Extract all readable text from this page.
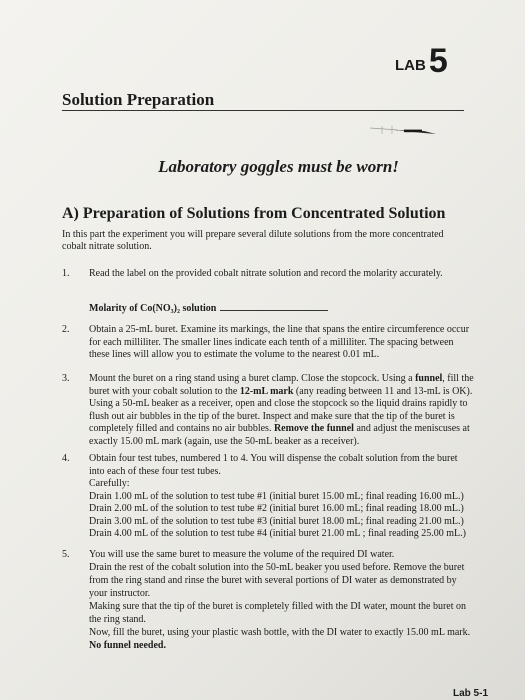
LAB 5
Solution Preparation
Laboratory goggles must be worn!
A) Preparation of Solutions from Concentrated Solution
In this part the experiment you will prepare several dilute solutions from the more concentrated cobalt nitrate solution.
1.	Read the label on the provided cobalt nitrate solution and record the molarity accurately.

Molarity of Co(NO₃)₂ solution
2.	Obtain a 25-mL buret. Examine its markings, the line that spans the entire circumference occur for each milliliter. The smaller lines indicate each tenth of a milliliter. The spacing between these lines will allow you to estimate the volume to the nearest 0.01 mL.

3.	Mount the buret on a ring stand using a buret clamp. Close the stopcock. Using a funnel, fill the buret with your cobalt solution to the 12-mL mark (any reading between 11 and 13-mL is OK). Using a 50-mL beaker as a receiver, open and close the stopcock so the liquid drains rapidly to flush out air bubbles in the tip of the buret. Inspect and make sure that the tip of the buret is completely filled and contains no air bubbles. Remove the funnel and adjust the meniscuses at exactly 15.00 mL mark (again, use the 50-mL beaker as a receiver).

4.	Obtain four test tubes, numbered 1 to 4. You will dispense the cobalt solution from the buret into each of these four test tubes.

Carefully:

Drain 1.00 mL of the solution to test tube #1 (initial buret 15.00 mL; final reading 16.00 mL.)

Drain 2.00 mL of the solution to test tube #2 (initial buret 16.00 mL; final reading 18.00 mL.)

Drain 3.00 mL of the solution to test tube #3 (initial buret 18.00 mL; final reading 21.00 mL.)

Drain 4.00 mL of the solution to test tube #4 (initial buret 21.00 mL ; final reading 25.00 mL.)

5.	You will use the same buret to measure the volume of the required DI water.

Drain the rest of the cobalt solution into the 50-mL beaker you used before. Remove the buret from the ring stand and rinse the buret with several portions of DI water as demonstrated by your instructor.

Making sure that the tip of the buret is completely filled with the DI water, mount the buret on the ring stand.

Now, fill the buret, using your plastic wash bottle, with the DI water to exactly 15.00 mL mark. No funnel needed.

Lab 5-1
